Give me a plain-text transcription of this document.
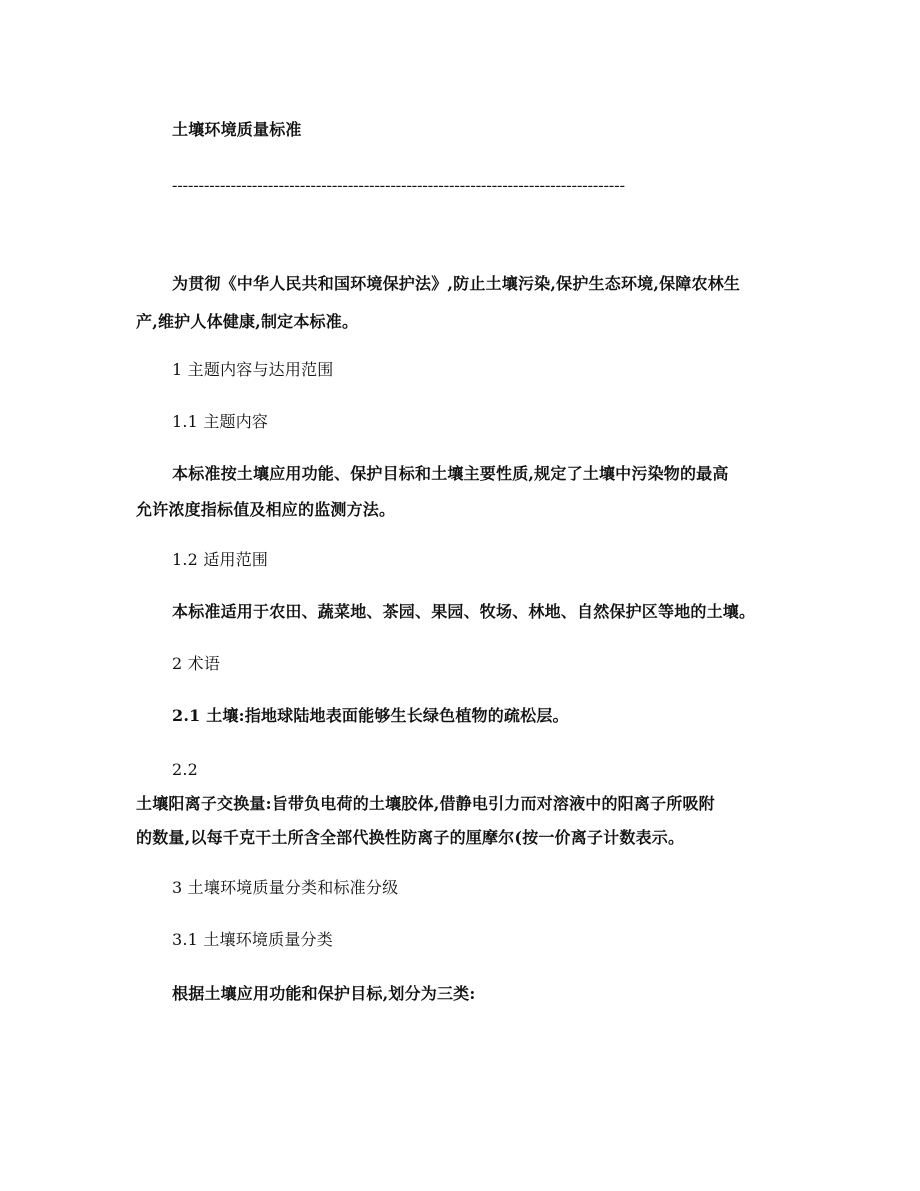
土壤环境质量标准
-------------------------------------------------------------------------------------
为贯彻《中华人民共和国环境保护法》,防止土壤污染,保护生态环境,保障农林生
产,维护人体健康,制定本标准。
1 主题内容与达用范围
1.1 主题内容
本标准按土壤应用功能、保护目标和土壤主要性质,规定了土壤中污染物的最高
允许浓度指标值及相应的监测方法。
1.2 适用范围
本标准适用于农田、蔬菜地、茶园、果园、牧场、林地、自然保护区等地的土壤。
2 术语
2.1 土壤:指地球陆地表面能够生长绿色植物的疏松层。
2.2
土壤阳离子交换量:旨带负电荷的土壤胶体,借静电引力而对溶液中的阳离子所吸附
的数量,以每千克干土所含全部代换性防离子的厘摩尔(按一价离子计数表示。
3 土壤环境质量分类和标准分级
3.1 土壤环境质量分类
根据土壤应用功能和保护目标,划分为三类:
